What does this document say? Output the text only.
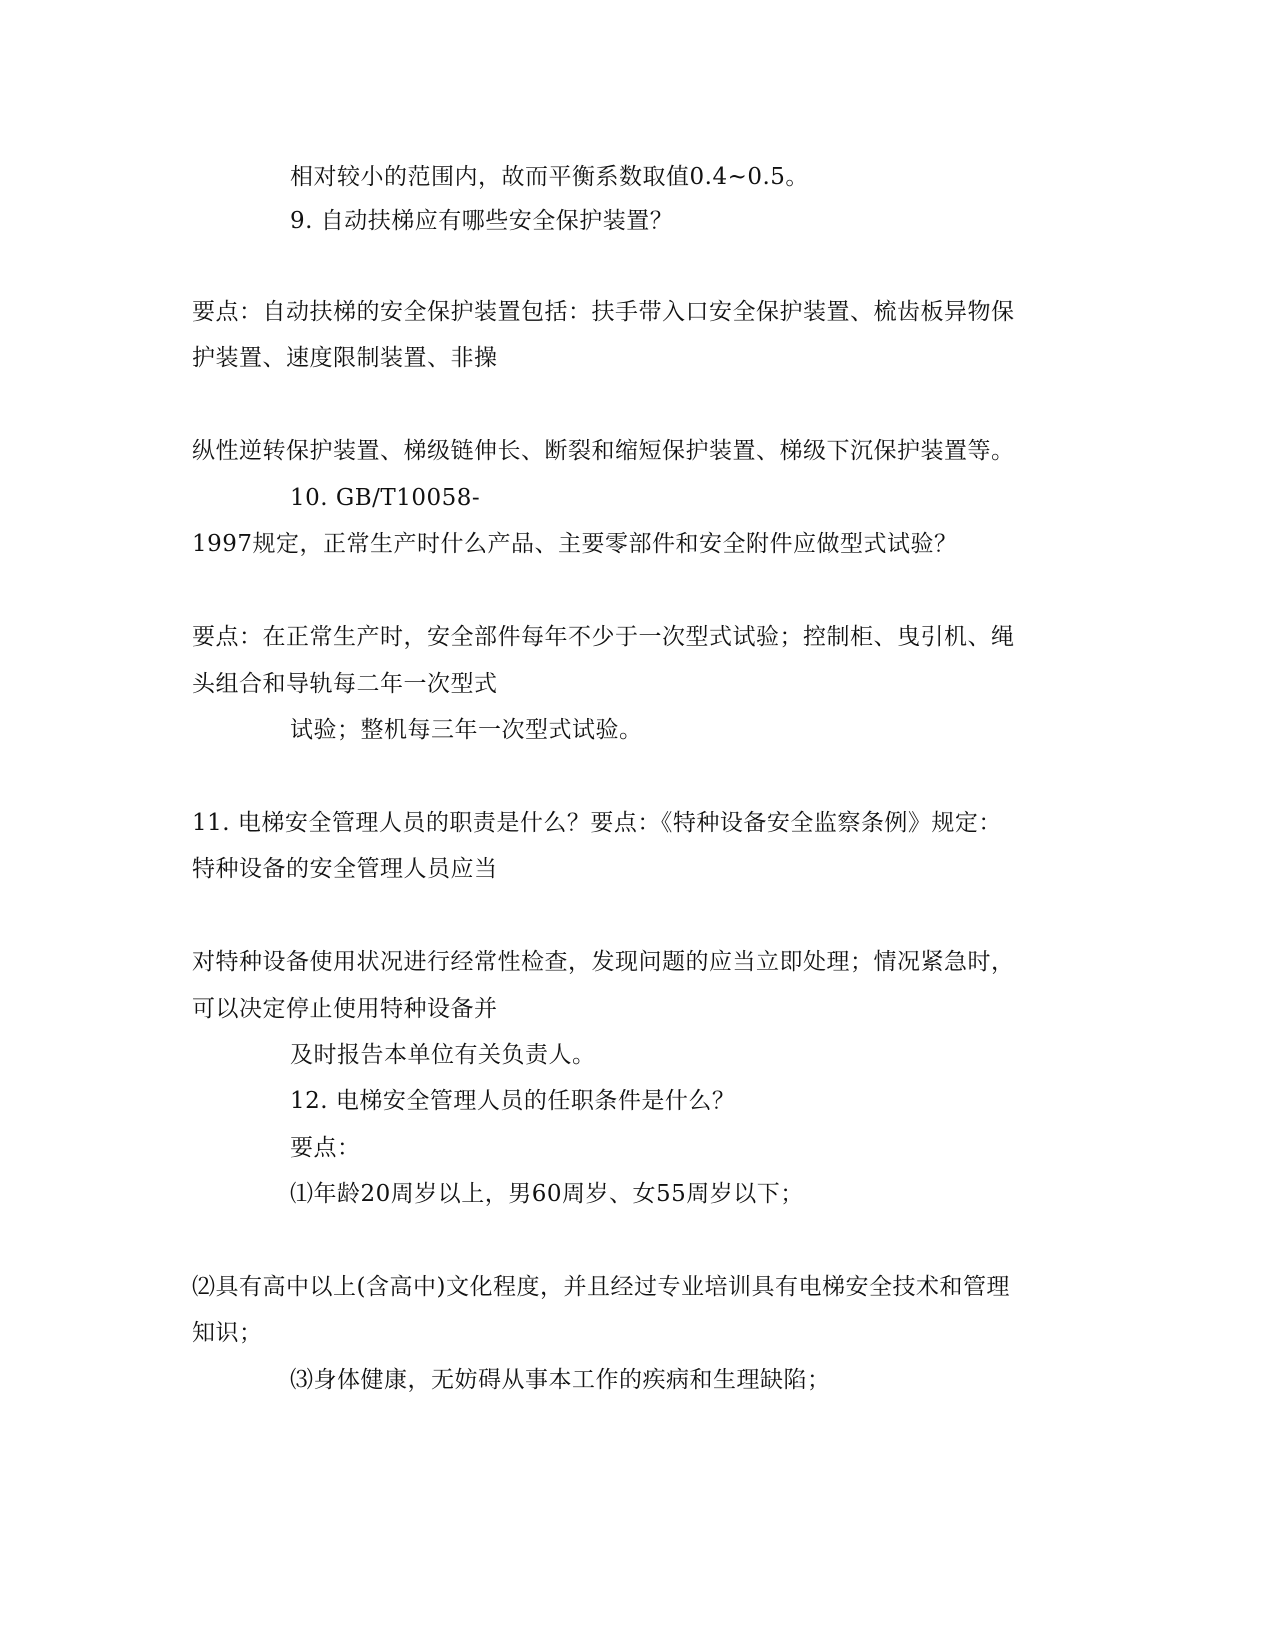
相对较小的范围内，故而平衡系数取值0.4~0.5。
9. 自动扶梯应有哪些安全保护装置？
要点：自动扶梯的安全保护装置包括：扶手带入口安全保护装置、梳齿板异物保
护装置、速度限制装置、非操
纵性逆转保护装置、梯级链伸长、断裂和缩短保护装置、梯级下沉保护装置等。
10. GB/T10058-
1997规定，正常生产时什么产品、主要零部件和安全附件应做型式试验？
要点：在正常生产时，安全部件每年不少于一次型式试验；控制柜、曳引机、绳
头组合和导轨每二年一次型式
试验；整机每三年一次型式试验。
11. 电梯安全管理人员的职责是什么？要点：《特种设备安全监察条例》规定：
特种设备的安全管理人员应当
对特种设备使用状况进行经常性检查，发现问题的应当立即处理；情况紧急时，
可以决定停止使用特种设备并
及时报告本单位有关负责人。
12. 电梯安全管理人员的任职条件是什么？
要点：
⑴年龄20周岁以上，男60周岁、女55周岁以下；
⑵具有高中以上(含高中)文化程度，并且经过专业培训具有电梯安全技术和管理
知识；
⑶身体健康，无妨碍从事本工作的疾病和生理缺陷；
